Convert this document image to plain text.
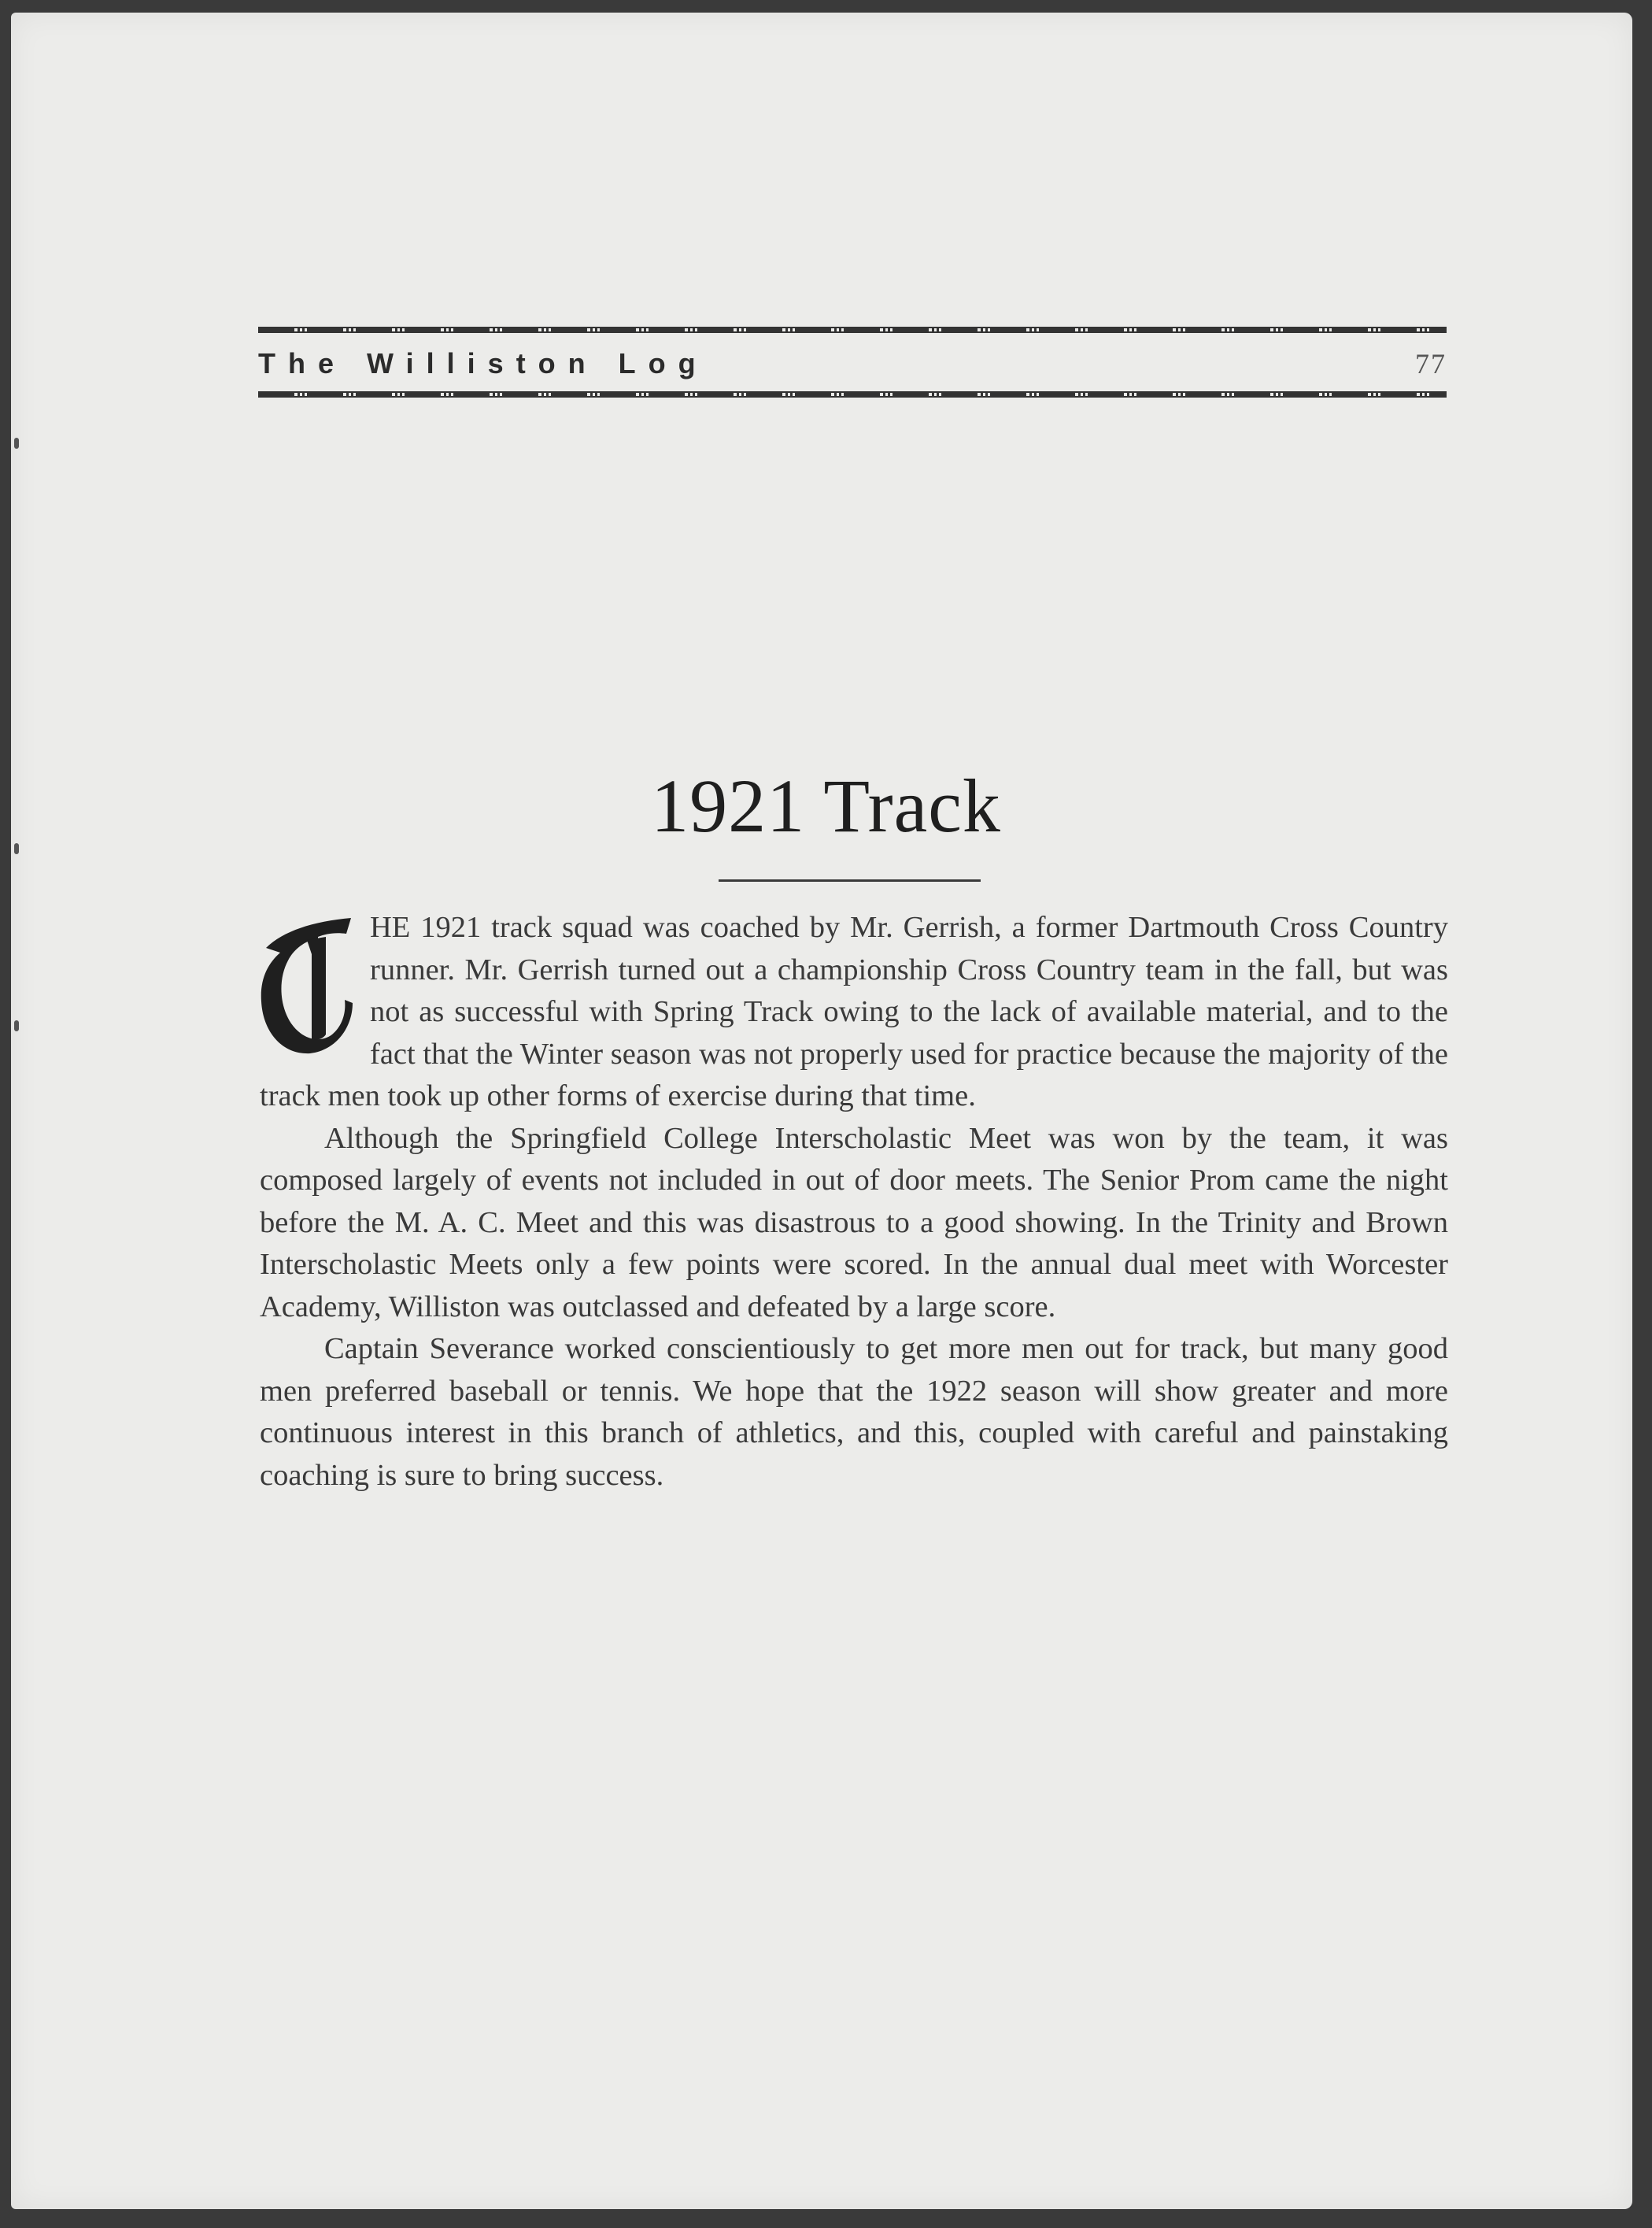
The Williston Log	77
1921 Track

HE 1921 track squad was coached by Mr. Gerrish, a former Dartmouth Cross Country runner. Mr. Gerrish turned out a championship Cross Country team in the fall, but was not as successful with Spring Track owing to the lack of available material, and to the fact that the Winter season was not properly used for practice because the majority of the track men took up other forms of exercise during that time.

Although the Springfield College Interscholastic Meet was won by the team, it was composed largely of events not included in out of door meets. The Senior Prom came the night before the M. A. C. Meet and this was disastrous to a good showing. In the Trinity and Brown Interscholastic Meets only a few points were scored. In the annual dual meet with Worcester Academy, Williston was outclassed and defeated by a large score.

Captain Severance worked conscientiously to get more men out for track, but many good men preferred baseball or tennis. We hope that the 1922 season will show greater and more continuous interest in this branch of athletics, and this, coupled with careful and painstaking coaching is sure to bring success.
